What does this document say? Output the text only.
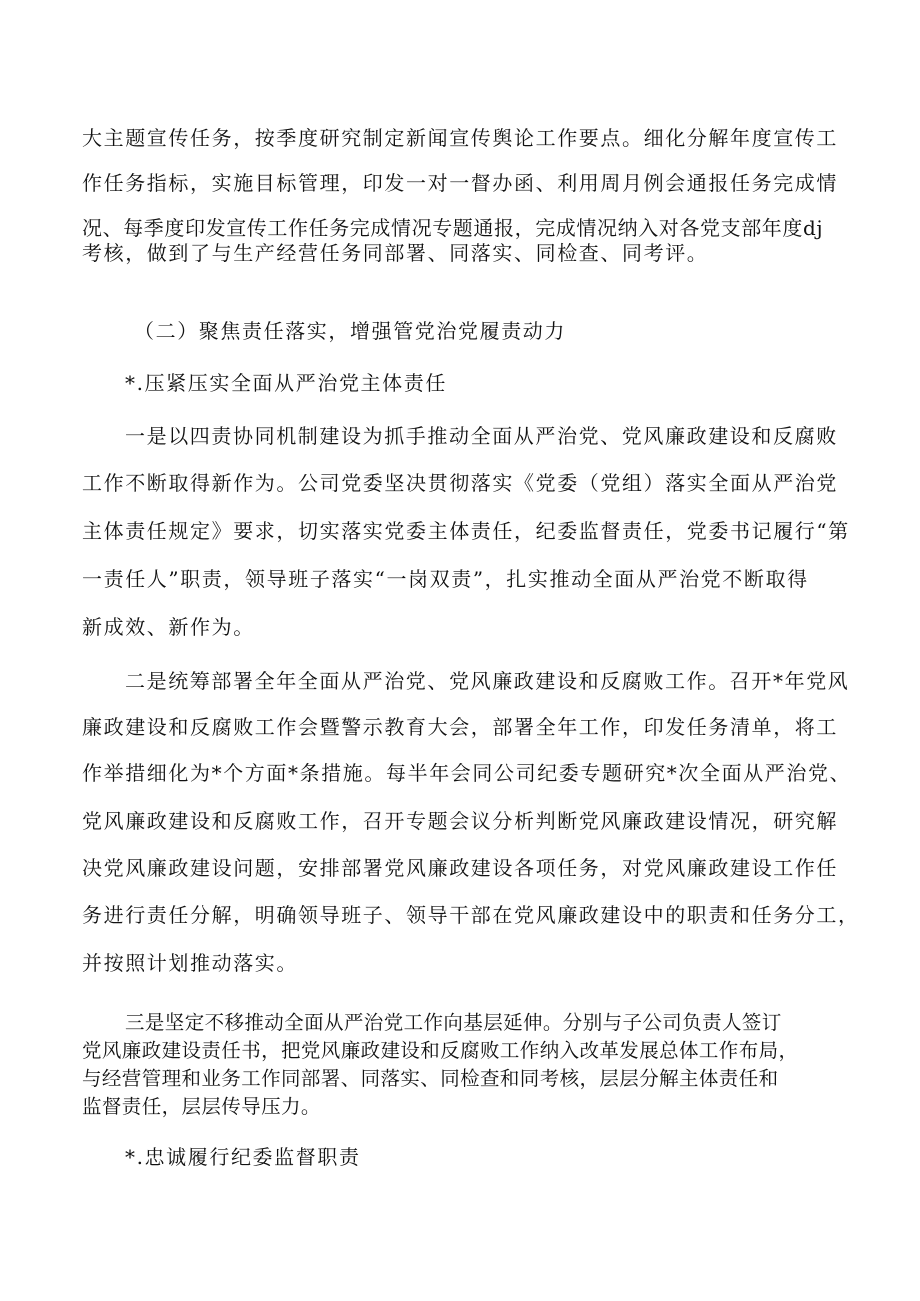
大主题宣传任务，按季度研究制定新闻宣传舆论工作要点。细化分解年度宣传工
作任务指标，实施目标管理，印发一对一督办函、利用周月例会通报任务完成情
况、每季度印发宣传工作任务完成情况专题通报，完成情况纳入对各党支部年度dj
考核，做到了与生产经营任务同部署、同落实、同检查、同考评。
（二）聚焦责任落实，增强管党治党履责动力
*.压紧压实全面从严治党主体责任
一是以四责协同机制建设为抓手推动全面从严治党、党风廉政建设和反腐败
工作不断取得新作为。公司党委坚决贯彻落实《党委（党组）落实全面从严治党
主体责任规定》要求，切实落实党委主体责任，纪委监督责任，党委书记履行“第
一责任人”职责，领导班子落实“一岗双责”，扎实推动全面从严治党不断取得
新成效、新作为。
二是统筹部署全年全面从严治党、党风廉政建设和反腐败工作。召开*年党风
廉政建设和反腐败工作会暨警示教育大会，部署全年工作，印发任务清单，将工
作举措细化为*个方面*条措施。每半年会同公司纪委专题研究*次全面从严治党、
党风廉政建设和反腐败工作，召开专题会议分析判断党风廉政建设情况，研究解
决党风廉政建设问题，安排部署党风廉政建设各项任务，对党风廉政建设工作任
务进行责任分解，明确领导班子、领导干部在党风廉政建设中的职责和任务分工，
并按照计划推动落实。
三是坚定不移推动全面从严治党工作向基层延伸。分别与子公司负责人签订
党风廉政建设责任书，把党风廉政建设和反腐败工作纳入改革发展总体工作布局，
与经营管理和业务工作同部署、同落实、同检查和同考核，层层分解主体责任和
监督责任，层层传导压力。
*.忠诚履行纪委监督职责
